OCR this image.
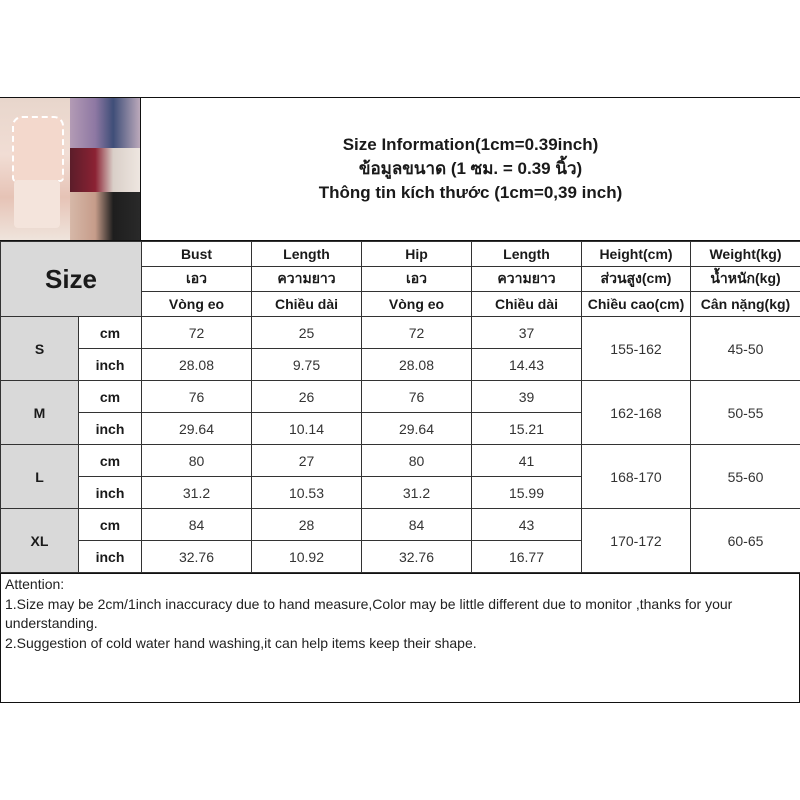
Size Information(1cm=0.39inch)
ข้อมูลขนาด (1 ซม. = 0.39 นิ้ว)
Thông tin kích thước (1cm=0,39 inch)
Size		Bust	Length	Hip	Length	Height(cm)	Weight(kg)
		เอว	ความยาว	เอว	ความยาว	ส่วนสูง(cm)	น้ำหนัก(kg)
		Vòng eo	Chiều dài	Vòng eo	Chiều dài	Chiều cao(cm)	Cân nặng(kg)
S	cm	72	25	72	37	155-162	45-50
	inch	28.08	9.75	28.08	14.43		
M	cm	76	26	76	39	162-168	50-55
	inch	29.64	10.14	29.64	15.21		
L	cm	80	27	80	41	168-170	55-60
	inch	31.2	10.53	31.2	15.99		
XL	cm	84	28	84	43	170-172	60-65
	inch	32.76	10.92	32.76	16.77		
Attention:
1.Size may be 2cm/1inch inaccuracy due to hand measure,Color may be little different due to monitor ,thanks for your understanding.
2.Suggestion of cold water hand washing,it can help items keep their shape.
